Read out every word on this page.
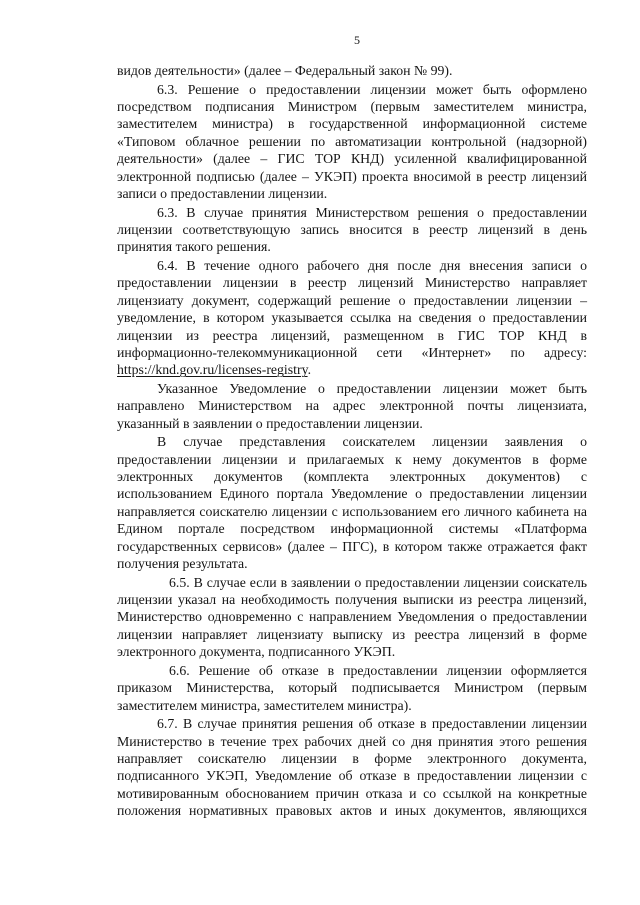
5
видов деятельности» (далее – Федеральный закон № 99).
6.3. Решение о предоставлении лицензии может быть оформлено
посредством подписания Министром (первым заместителем министра,
заместителем министра) в государственной информационной системе
«Типовом облачное решении по автоматизации контрольной (надзорной)
деятельности» (далее – ГИС ТОР КНД) усиленной квалифицированной
электронной подписью (далее – УКЭП) проекта вносимой в реестр лицензий
записи о предоставлении лицензии.
6.3. В случае принятия Министерством решения о предоставлении
лицензии соответствующую запись вносится в реестр лицензий в день
принятия такого решения.
6.4. В течение одного рабочего дня после дня внесения записи о
предоставлении лицензии в реестр лицензий Министерство направляет
лицензиату документ, содержащий решение о предоставлении лицензии –
уведомление, в котором указывается ссылка на сведения о предоставлении
лицензии из реестра лицензий, размещенном в ГИС ТОР КНД в
информационно-телекоммуникационной сети «Интернет» по адресу:
https://knd.gov.ru/licenses-registry.
Указанное Уведомление о предоставлении лицензии может быть
направлено Министерством на адрес электронной почты лицензиата,
указанный в заявлении о предоставлении лицензии.
В случае представления соискателем лицензии заявления о
предоставлении лицензии и прилагаемых к нему документов в форме
электронных документов (комплекта электронных документов) с
использованием Единого портала Уведомление о предоставлении лицензии
направляется соискателю лицензии с использованием его личного кабинета на
Едином портале посредством информационной системы «Платформа
государственных сервисов» (далее – ПГС), в котором также отражается факт
получения результата.
6.5. В случае если в заявлении о предоставлении лицензии соискатель
лицензии указал на необходимость получения выписки из реестра лицензий,
Министерство одновременно с направлением Уведомления о предоставлении
лицензии направляет лицензиату выписку из реестра лицензий в форме
электронного документа, подписанного УКЭП.
6.6. Решение об отказе в предоставлении лицензии оформляется
приказом Министерства, который подписывается Министром (первым
заместителем министра, заместителем министра).
6.7. В случае принятия решения об отказе в предоставлении лицензии
Министерство в течение трех рабочих дней со дня принятия этого решения
направляет соискателю лицензии в форме электронного документа,
подписанного УКЭП, Уведомление об отказе в предоставлении лицензии с
мотивированным обоснованием причин отказа и со ссылкой на конкретные
положения нормативных правовых актов и иных документов, являющихся
